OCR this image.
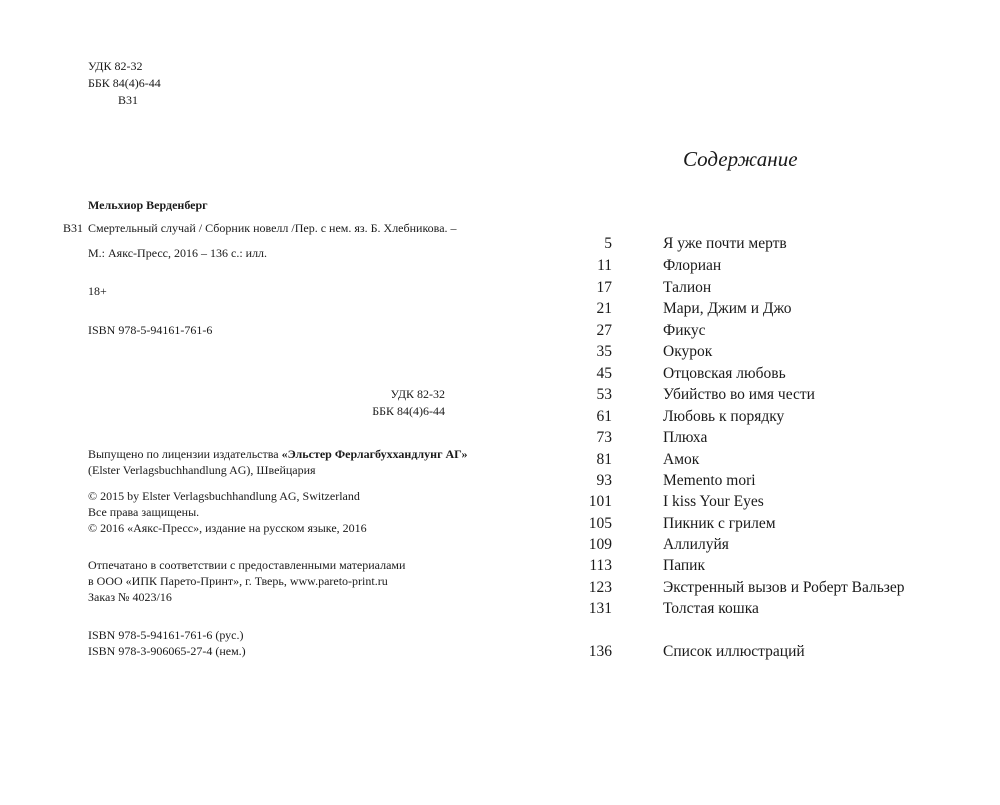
УДК 82-32
ББК 84(4)6-44
В31
Мельхиор Верденберг
В31 Смертельный случай / Сборник новелл /Пер. с нем. яз. Б. Хлебникова. –
М.: Аякс-Пресс, 2016 – 136 с.: илл.
18+
ISBN 978-5-94161-761-6
УДК 82-32
ББК 84(4)6-44
Выпущено по лицензии издательства «Эльстер Ферлагбуххандлунг АГ»
(Elster Verlagsbuchhandlung AG), Швейцария
© 2015 by Elster Verlagsbuchhandlung AG, Switzerland
Все права защищены.
© 2016 «Аякс-Пресс», издание на русском языке, 2016
Отпечатано в соответствии с предоставленными материалами
в ООО «ИПК Парето-Принт», г. Тверь, www.pareto-print.ru
Заказ № 4023/16
ISBN 978-5-94161-761-6 (рус.)
ISBN 978-3-906065-27-4 (нем.)
Содержание
5	Я уже почти мертв
11	Флориан
17	Талион
21	Мари, Джим и Джо
27	Фикус
35	Окурок
45	Отцовская любовь
53	Убийство во имя чести
61	Любовь к порядку
73	Плюха
81	Амок
93	Memento mori
101	I kiss Your Eyes
105	Пикник с грилем
109	Аллилуйя
113	Папик
123	Экстренный вызов и Роберт Вальзер
131	Толстая кошка
136	Список иллюстраций
